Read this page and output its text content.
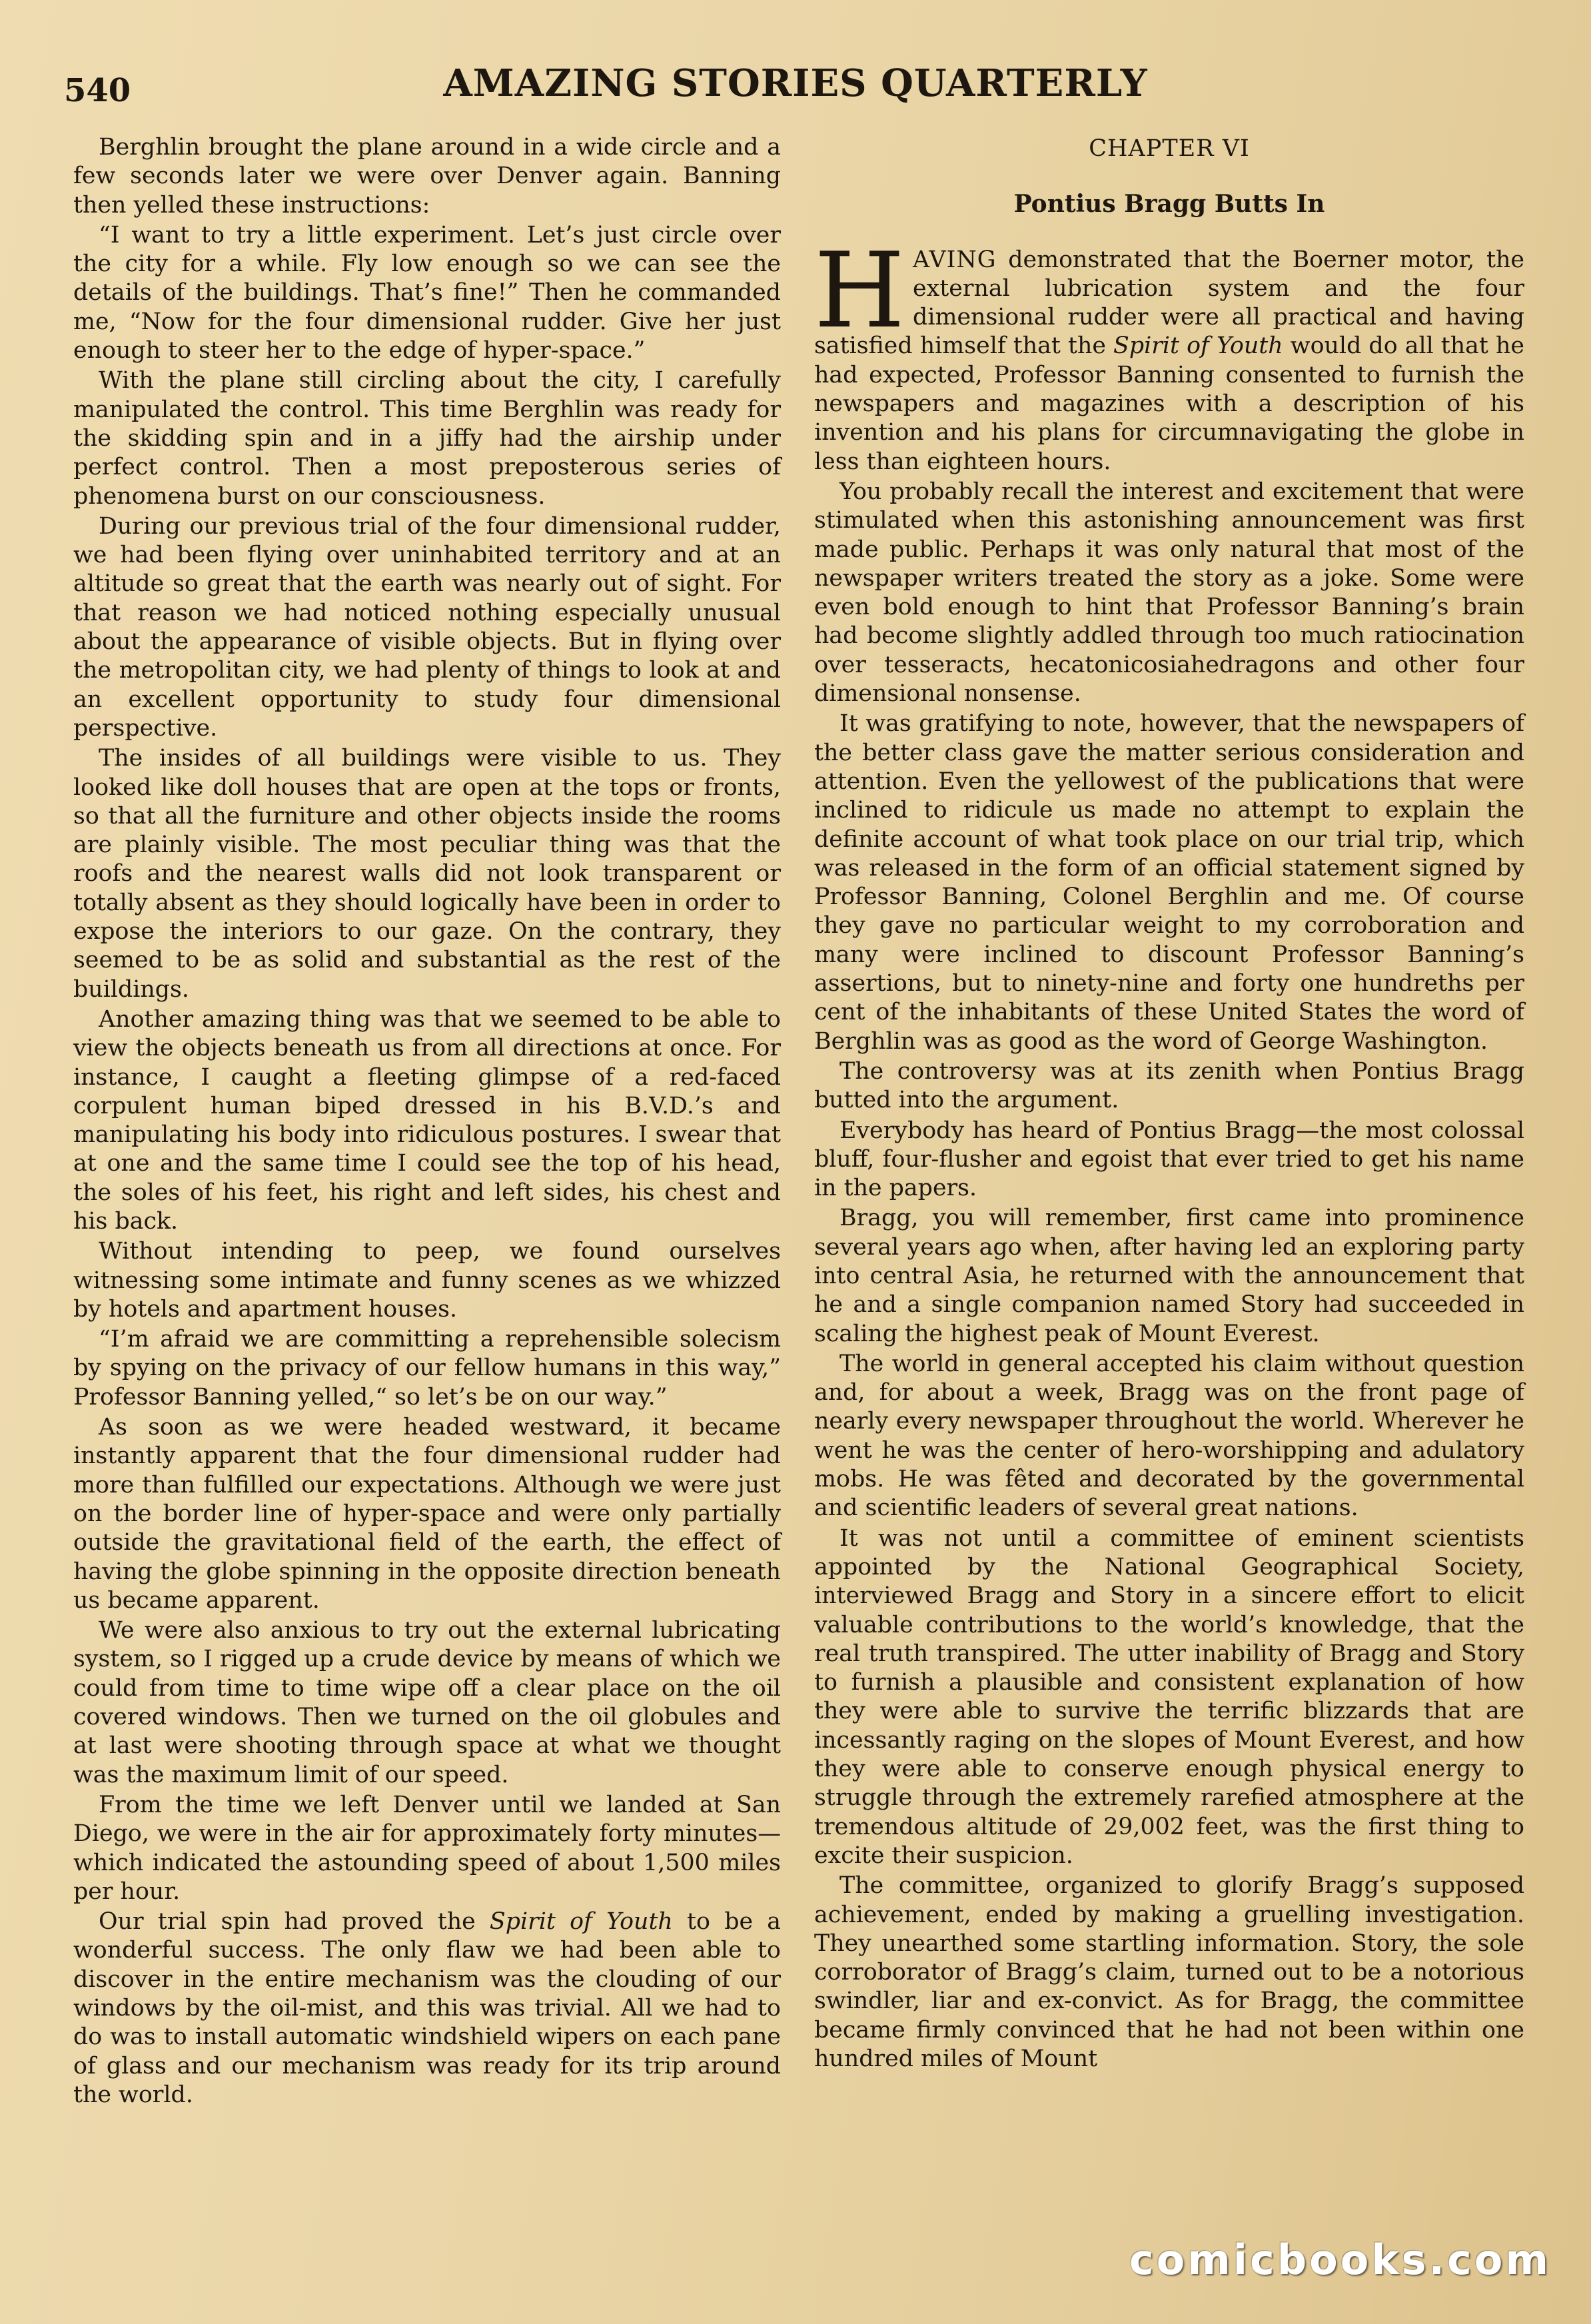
540	AMAZING STORIES QUARTERLY

Berghlin brought the plane around in a wide circle and a few seconds later we were over Denver again. Banning then yelled these instructions:

“I want to try a little experiment. Let’s just circle over the city for a while. Fly low enough so we can see the details of the buildings. That’s fine!” Then he commanded me, “Now for the four dimensional rudder. Give her just enough to steer her to the edge of hyper-space.”

With the plane still circling about the city, I carefully manipulated the control. This time Berghlin was ready for the skidding spin and in a jiffy had the airship under perfect control. Then a most preposterous series of phenomena burst on our consciousness.

During our previous trial of the four dimensional rudder, we had been flying over uninhabited territory and at an altitude so great that the earth was nearly out of sight. For that reason we had noticed nothing especially unusual about the appearance of visible objects. But in flying over the metropolitan city, we had plenty of things to look at and an excellent opportunity to study four dimensional perspective.

The insides of all buildings were visible to us. They looked like doll houses that are open at the tops or fronts, so that all the furniture and other objects inside the rooms are plainly visible. The most peculiar thing was that the roofs and the nearest walls did not look transparent or totally absent as they should logically have been in order to expose the interiors to our gaze. On the contrary, they seemed to be as solid and substantial as the rest of the buildings.

Another amazing thing was that we seemed to be able to view the objects beneath us from all directions at once. For instance, I caught a fleeting glimpse of a red-faced corpulent human biped dressed in his B.V.D.’s and manipulating his body into ridiculous postures. I swear that at one and the same time I could see the top of his head, the soles of his feet, his right and left sides, his chest and his back.

Without intending to peep, we found ourselves witnessing some intimate and funny scenes as we whizzed by hotels and apartment houses.

“I’m afraid we are committing a reprehensible solecism by spying on the privacy of our fellow humans in this way,” Professor Banning yelled,“ so let’s be on our way.”

As soon as we were headed westward, it became instantly apparent that the four dimensional rudder had more than fulfilled our expectations. Although we were just on the border line of hyper-space and were only partially outside the gravitational field of the earth, the effect of having the globe spinning in the opposite direction beneath us became apparent.

We were also anxious to try out the external lubricating system, so I rigged up a crude device by means of which we could from time to time wipe off a clear place on the oil covered windows. Then we turned on the oil globules and at last were shooting through space at what we thought was the maximum limit of our speed.

From the time we left Denver until we landed at San Diego, we were in the air for approximately forty minutes—which indicated the astounding speed of about 1,500 miles per hour.

Our trial spin had proved the Spirit of Youth to be a wonderful success. The only flaw we had been able to discover in the entire mechanism was the clouding of our windows by the oil-mist, and this was trivial. All we had to do was to install automatic windshield wipers on each pane of glass and our mechanism was ready for its trip around the world.

CHAPTER VI
Pontius Bragg Butts In

HAVING demonstrated that the Boerner motor, the external lubrication system and the four dimensional rudder were all practical and having satisfied himself that the Spirit of Youth would do all that he had expected, Professor Banning consented to furnish the newspapers and magazines with a description of his invention and his plans for circumnavigating the globe in less than eighteen hours.

You probably recall the interest and excitement that were stimulated when this astonishing announcement was first made public. Perhaps it was only natural that most of the newspaper writers treated the story as a joke. Some were even bold enough to hint that Professor Banning’s brain had become slightly addled through too much ratiocination over tesseracts, hecatonicosiahedragons and other four dimensional nonsense.

It was gratifying to note, however, that the newspapers of the better class gave the matter serious consideration and attention. Even the yellowest of the publications that were inclined to ridicule us made no attempt to explain the definite account of what took place on our trial trip, which was released in the form of an official statement signed by Professor Banning, Colonel Berghlin and me. Of course they gave no particular weight to my corroboration and many were inclined to discount Professor Banning’s assertions, but to ninety-nine and forty one hundreths per cent of the inhabitants of these United States the word of Berghlin was as good as the word of George Washington.

The controversy was at its zenith when Pontius Bragg butted into the argument.

Everybody has heard of Pontius Bragg—the most colossal bluff, four-flusher and egoist that ever tried to get his name in the papers.

Bragg, you will remember, first came into prominence several years ago when, after having led an exploring party into central Asia, he returned with the announcement that he and a single companion named Story had succeeded in scaling the highest peak of Mount Everest.

The world in general accepted his claim without question and, for about a week, Bragg was on the front page of nearly every newspaper throughout the world. Wherever he went he was the center of hero-worshipping and adulatory mobs. He was fêted and decorated by the governmental and scientific leaders of several great nations.

It was not until a committee of eminent scientists appointed by the National Geographical Society, interviewed Bragg and Story in a sincere effort to elicit valuable contributions to the world’s knowledge, that the real truth transpired. The utter inability of Bragg and Story to furnish a plausible and consistent explanation of how they were able to survive the terrific blizzards that are incessantly raging on the slopes of Mount Everest, and how they were able to conserve enough physical energy to struggle through the extremely rarefied atmosphere at the tremendous altitude of 29,002 feet, was the first thing to excite their suspicion.

The committee, organized to glorify Bragg’s supposed achievement, ended by making a gruelling investigation. They unearthed some startling information. Story, the sole corroborator of Bragg’s claim, turned out to be a notorious swindler, liar and ex-convict. As for Bragg, the committee became firmly convinced that he had not been within one hundred miles of Mount

comicbooks.com
